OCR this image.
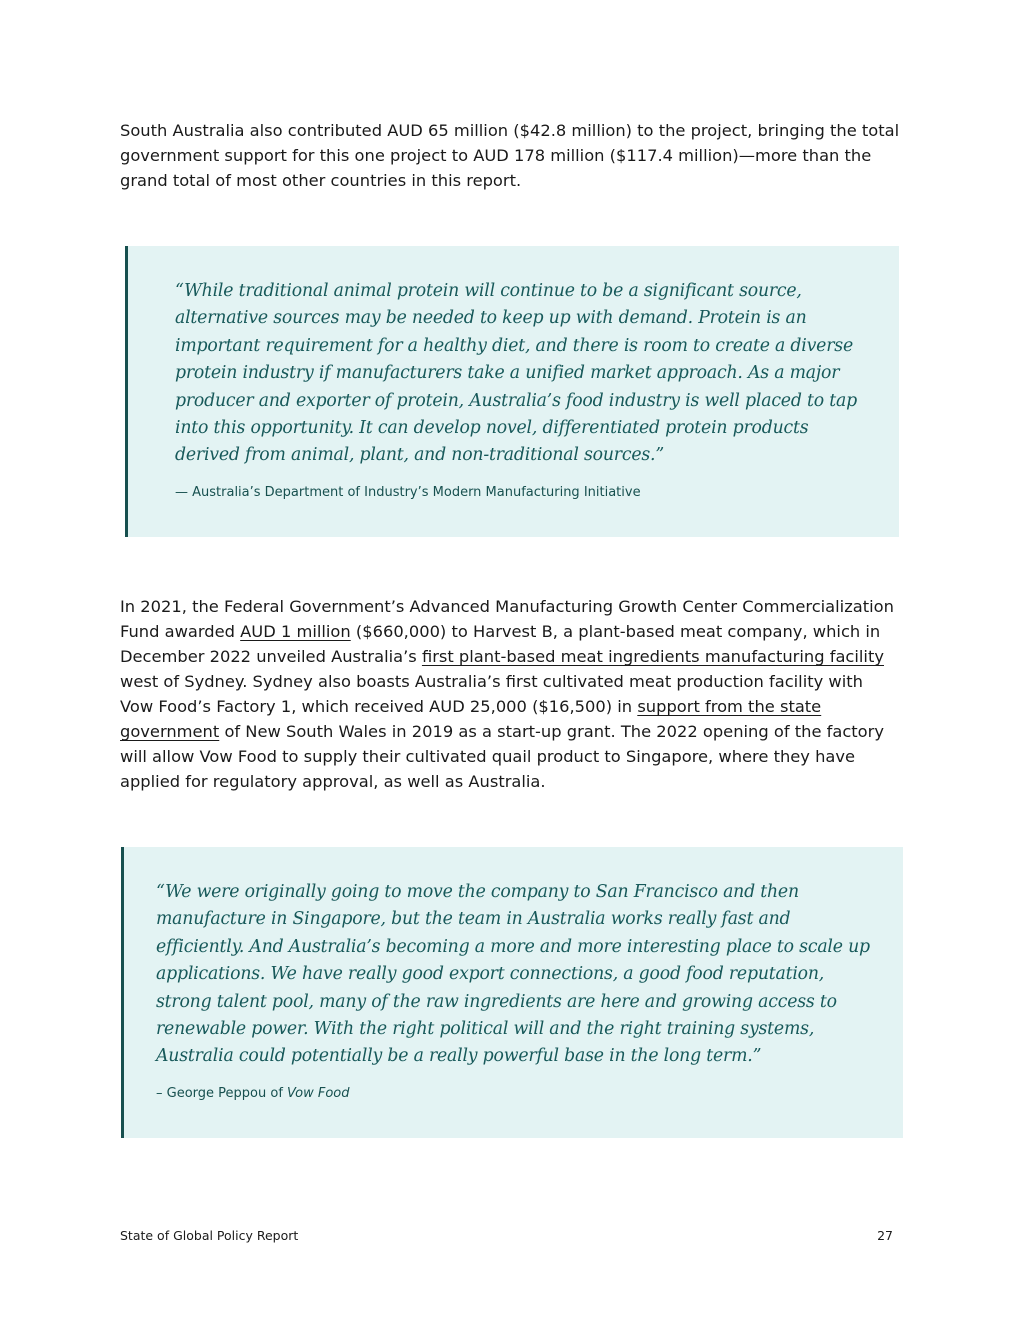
South Australia also contributed AUD 65 million ($42.8 million) to the project, bringing the total government support for this one project to AUD 178 million ($117.4 million)—more than the grand total of most other countries in this report.

“While traditional animal protein will continue to be a significant source, alternative sources may be needed to keep up with demand. Protein is an important requirement for a healthy diet, and there is room to create a diverse protein industry if manufacturers take a unified market approach. As a major producer and exporter of protein, Australia’s food industry is well placed to tap into this opportunity. It can develop novel, differentiated protein products derived from animal, plant, and non-traditional sources.”

— Australia’s Department of Industry’s Modern Manufacturing Initiative

In 2021, the Federal Government’s Advanced Manufacturing Growth Center Commercialization Fund awarded AUD 1 million ($660,000) to Harvest B, a plant-based meat company, which in December 2022 unveiled Australia’s first plant-based meat ingredients manufacturing facility west of Sydney. Sydney also boasts Australia’s first cultivated meat production facility with Vow Food’s Factory 1, which received AUD 25,000 ($16,500) in support from the state government of New South Wales in 2019 as a start-up grant. The 2022 opening of the factory will allow Vow Food to supply their cultivated quail product to Singapore, where they have applied for regulatory approval, as well as Australia.

“We were originally going to move the company to San Francisco and then manufacture in Singapore, but the team in Australia works really fast and efficiently. And Australia’s becoming a more and more interesting place to scale up applications. We have really good export connections, a good food reputation, strong talent pool, many of the raw ingredients are here and growing access to renewable power. With the right political will and the right training systems, Australia could potentially be a really powerful base in the long term.”

– George Peppou of Vow Food

State of Global Policy Report	27
